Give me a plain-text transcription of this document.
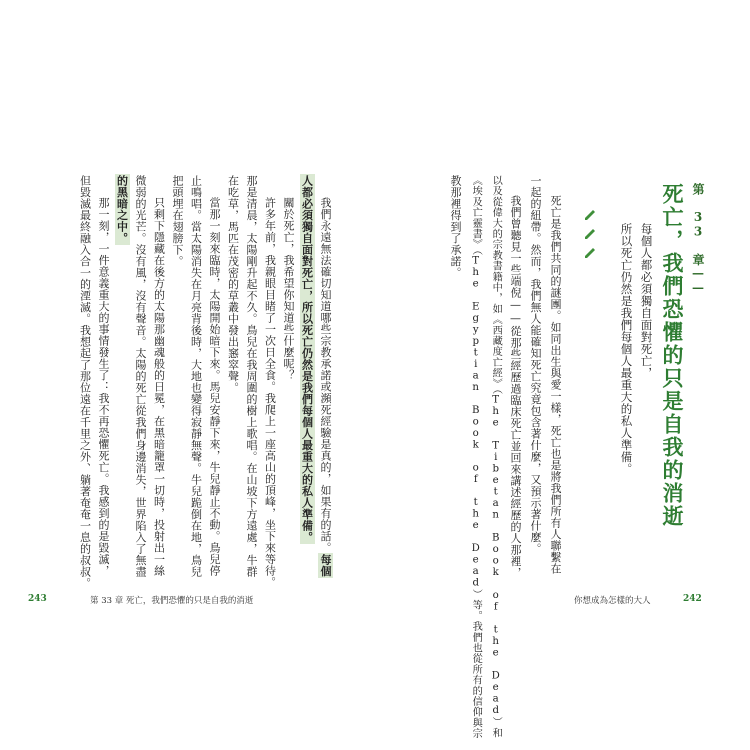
第 33 章——
死亡，我們恐懼的只是自我的消逝
每個人都必須獨自面對死亡，
所以死亡仍然是我們每個人最重大的私人準備。
死亡是我們共同的謎團。如同出生與愛一樣，死亡也是將我們所有人聯繫在
一起的紐帶。然而，我們無人能確知死亡究竟包含著什麼，又預示著什麼。
我們曾聽見一些端倪——從那些經歷過臨床死亡並回來講述經歷的人那裡，
以及從偉大的宗教書籍中，如《西藏度亡經》（The Tibetan Book of the Dead）和
《埃及亡靈書》（The Egyptian Book of the Dead）等。我們也從所有的信仰與宗
教那裡得到了承諾。
我們永遠無法確切知道哪些宗教承諾或瀕死經驗是真的，如果有的話。每個
人都必須獨自面對死亡，所以死亡仍然是我們每個人最重大的私人準備。
關於死亡，我希望你知道些什麼呢？
許多年前，我親眼目睹了一次日全食。我爬上一座高山的頂峰，坐下來等待。
那是清晨，太陽剛升起不久。鳥兒在我周圍的樹上歌唱。在山坡下方遠處，牛群
在吃草，馬匹在茂密的草叢中發出窸窣聲。
當那一刻來臨時，太陽開始暗下來。馬兒安靜下來，牛兒靜止不動。鳥兒停
止鳴唱。當太陽消失在月亮背後時，大地也變得寂靜無聲。牛兒跪倒在地，鳥兒
把頭埋在翅膀下。
只剩下隱藏在後方的太陽那幽魂般的日冕，在黑暗籠罩一切時，投射出一絲
微弱的光芒。沒有風，沒有聲音。太陽的死亡從我們身邊消失，世界陷入了無盡
的黑暗之中。
那一刻，一件意義重大的事情發生了：我不再恐懼死亡。我感到的是毀滅，
但毀滅最終融入合一的湮滅。我想起了那位遠在千里之外、躺著奄奄一息的叔叔。
243	第 33 章 死亡，我們恐懼的只是自我的消逝	你想成為怎樣的大人	242
